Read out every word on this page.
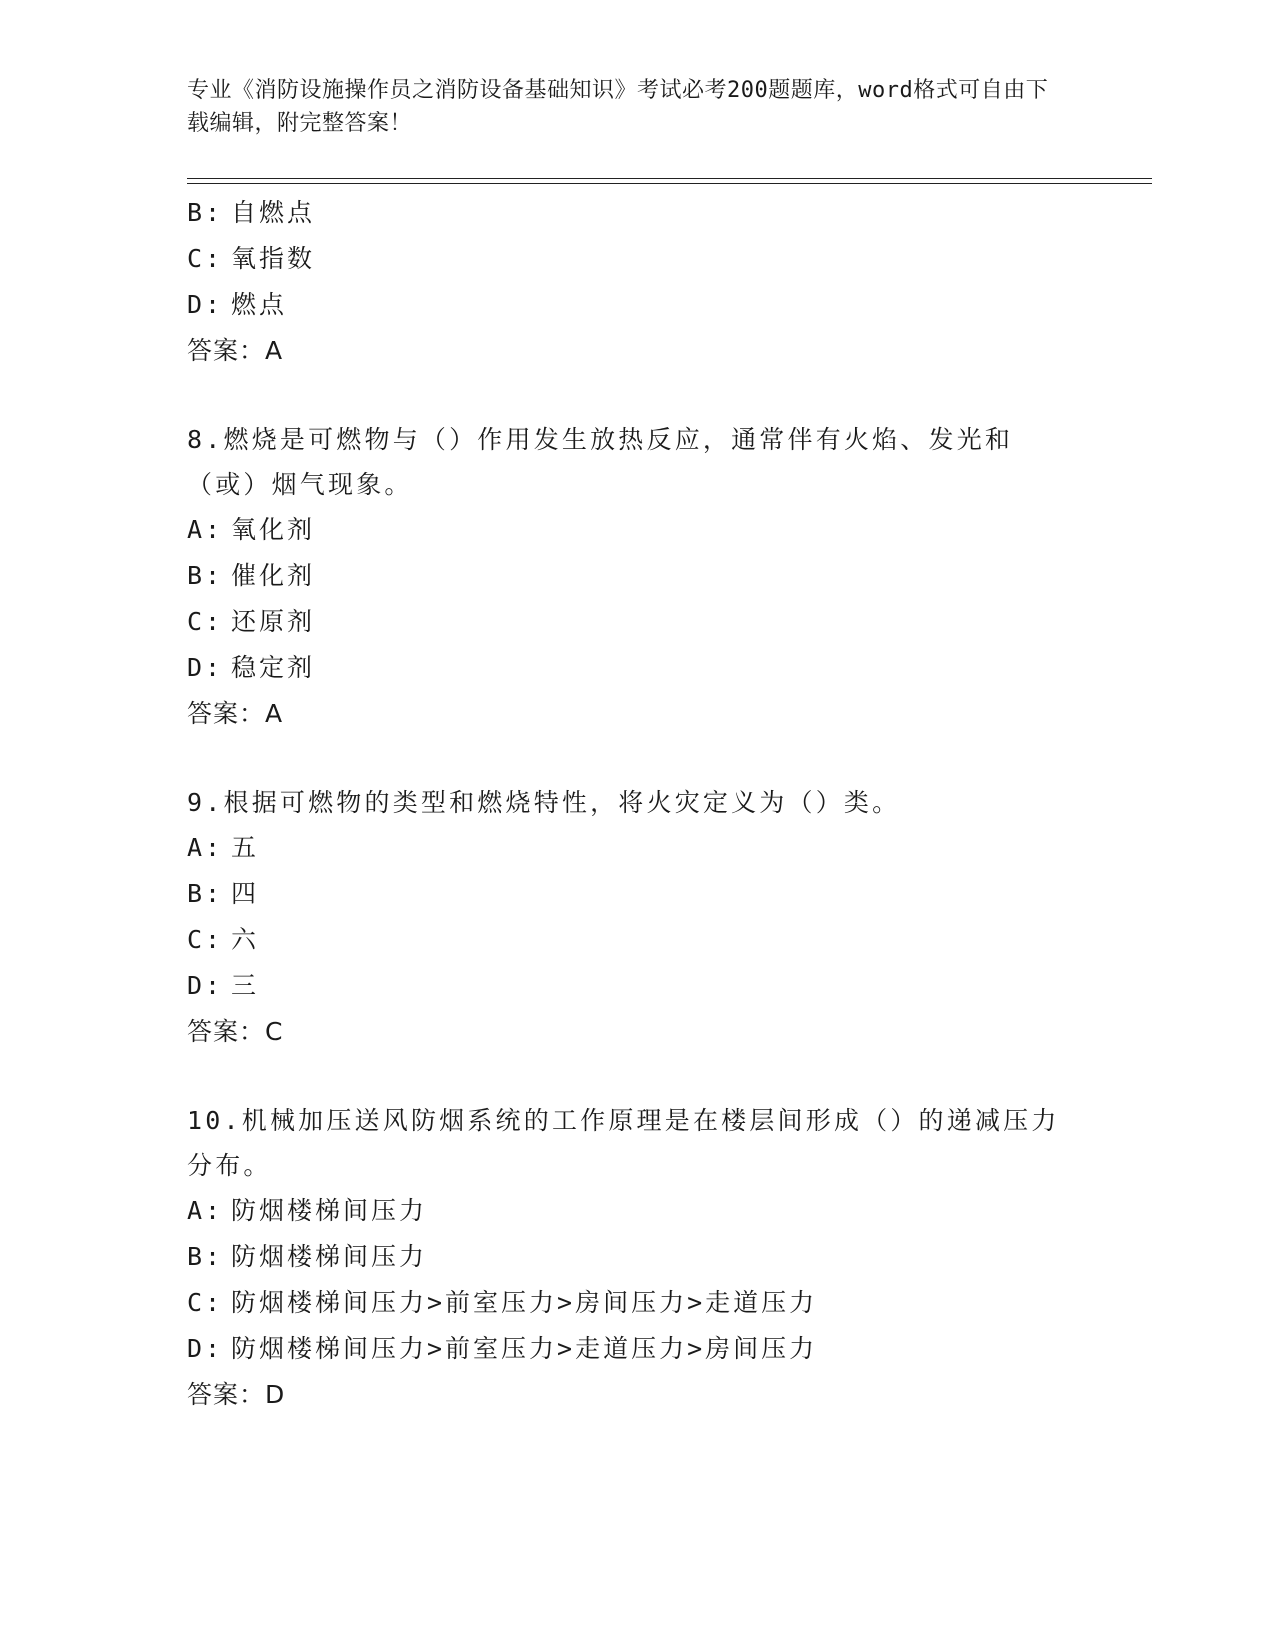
专业《消防设施操作员之消防设备基础知识》考试必考200题题库，word格式可自由下载编辑，附完整答案！
B: 自燃点
C: 氧指数
D: 燃点
答案：A
8.燃烧是可燃物与（）作用发生放热反应，通常伴有火焰、发光和（或）烟气现象。
A: 氧化剂
B: 催化剂
C: 还原剂
D: 稳定剂
答案：A
9.根据可燃物的类型和燃烧特性，将火灾定义为（）类。
A: 五
B: 四
C: 六
D: 三
答案：C
10.机械加压送风防烟系统的工作原理是在楼层间形成（）的递减压力分布。
A: 防烟楼梯间压力
B: 防烟楼梯间压力
C: 防烟楼梯间压力>前室压力>房间压力>走道压力
D: 防烟楼梯间压力>前室压力>走道压力>房间压力
答案：D
